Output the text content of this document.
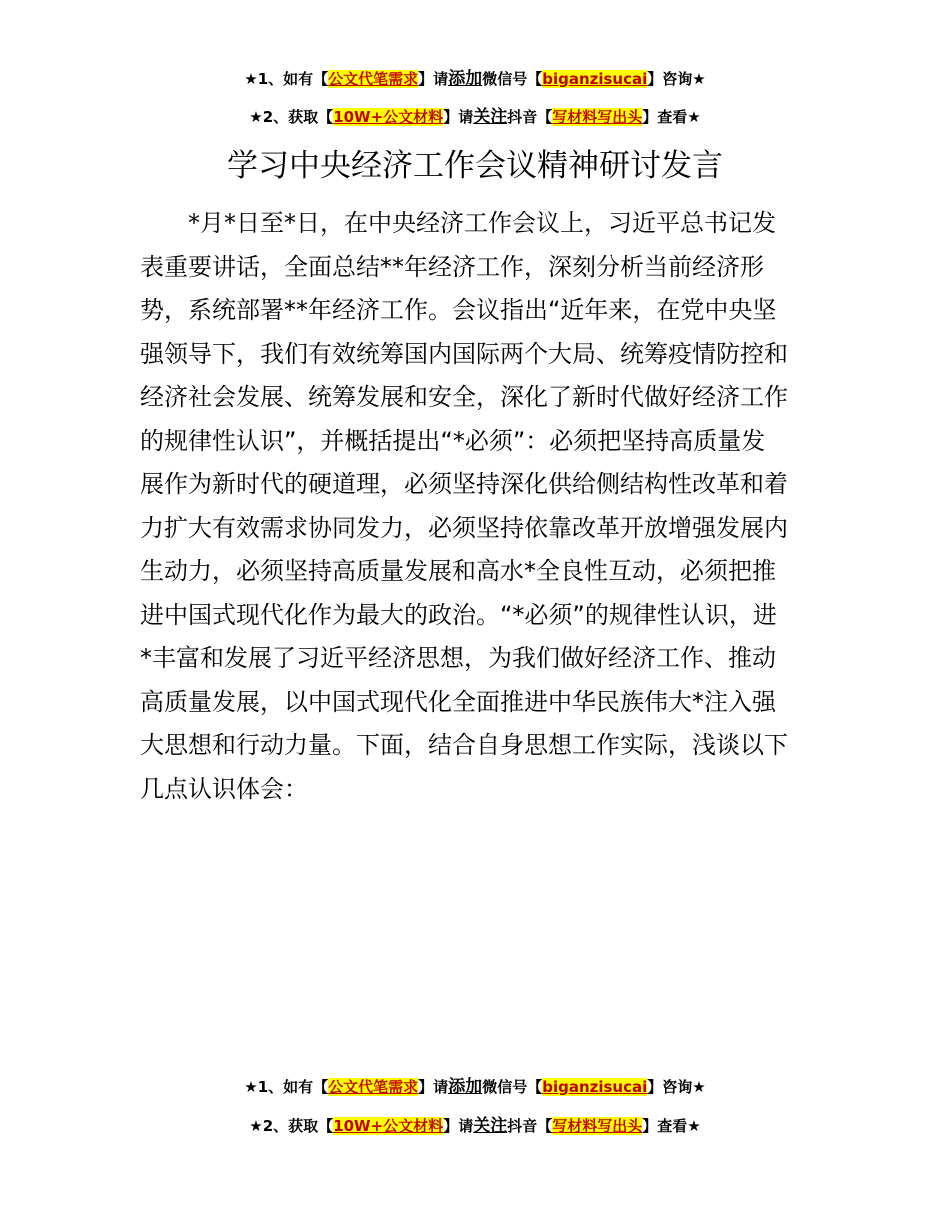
★1、如有【公文代笔需求】请添加微信号【biganzisucai】咨询★
★2、获取【10W+公文材料】请关注抖音【写材料写出头】查看★
学习中央经济工作会议精神研讨发言
*月*日至*日，在中央经济工作会议上，习近平总书记发
表重要讲话，全面总结**年经济工作，深刻分析当前经济形
势，系统部署**年经济工作。会议指出“近年来，在党中央坚
强领导下，我们有效统筹国内国际两个大局、统筹疫情防控和
经济社会发展、统筹发展和安全，深化了新时代做好经济工作
的规律性认识”，并概括提出“*必须”：必须把坚持高质量发
展作为新时代的硬道理，必须坚持深化供给侧结构性改革和着
力扩大有效需求协同发力，必须坚持依靠改革开放增强发展内
生动力，必须坚持高质量发展和高水*全良性互动，必须把推
进中国式现代化作为最大的政治。“*必须”的规律性认识，进
*丰富和发展了习近平经济思想，为我们做好经济工作、推动
高质量发展，以中国式现代化全面推进中华民族伟大*注入强
大思想和行动力量。下面，结合自身思想工作实际，浅谈以下
几点认识体会：
★1、如有【公文代笔需求】请添加微信号【biganzisucai】咨询★
★2、获取【10W+公文材料】请关注抖音【写材料写出头】查看★
